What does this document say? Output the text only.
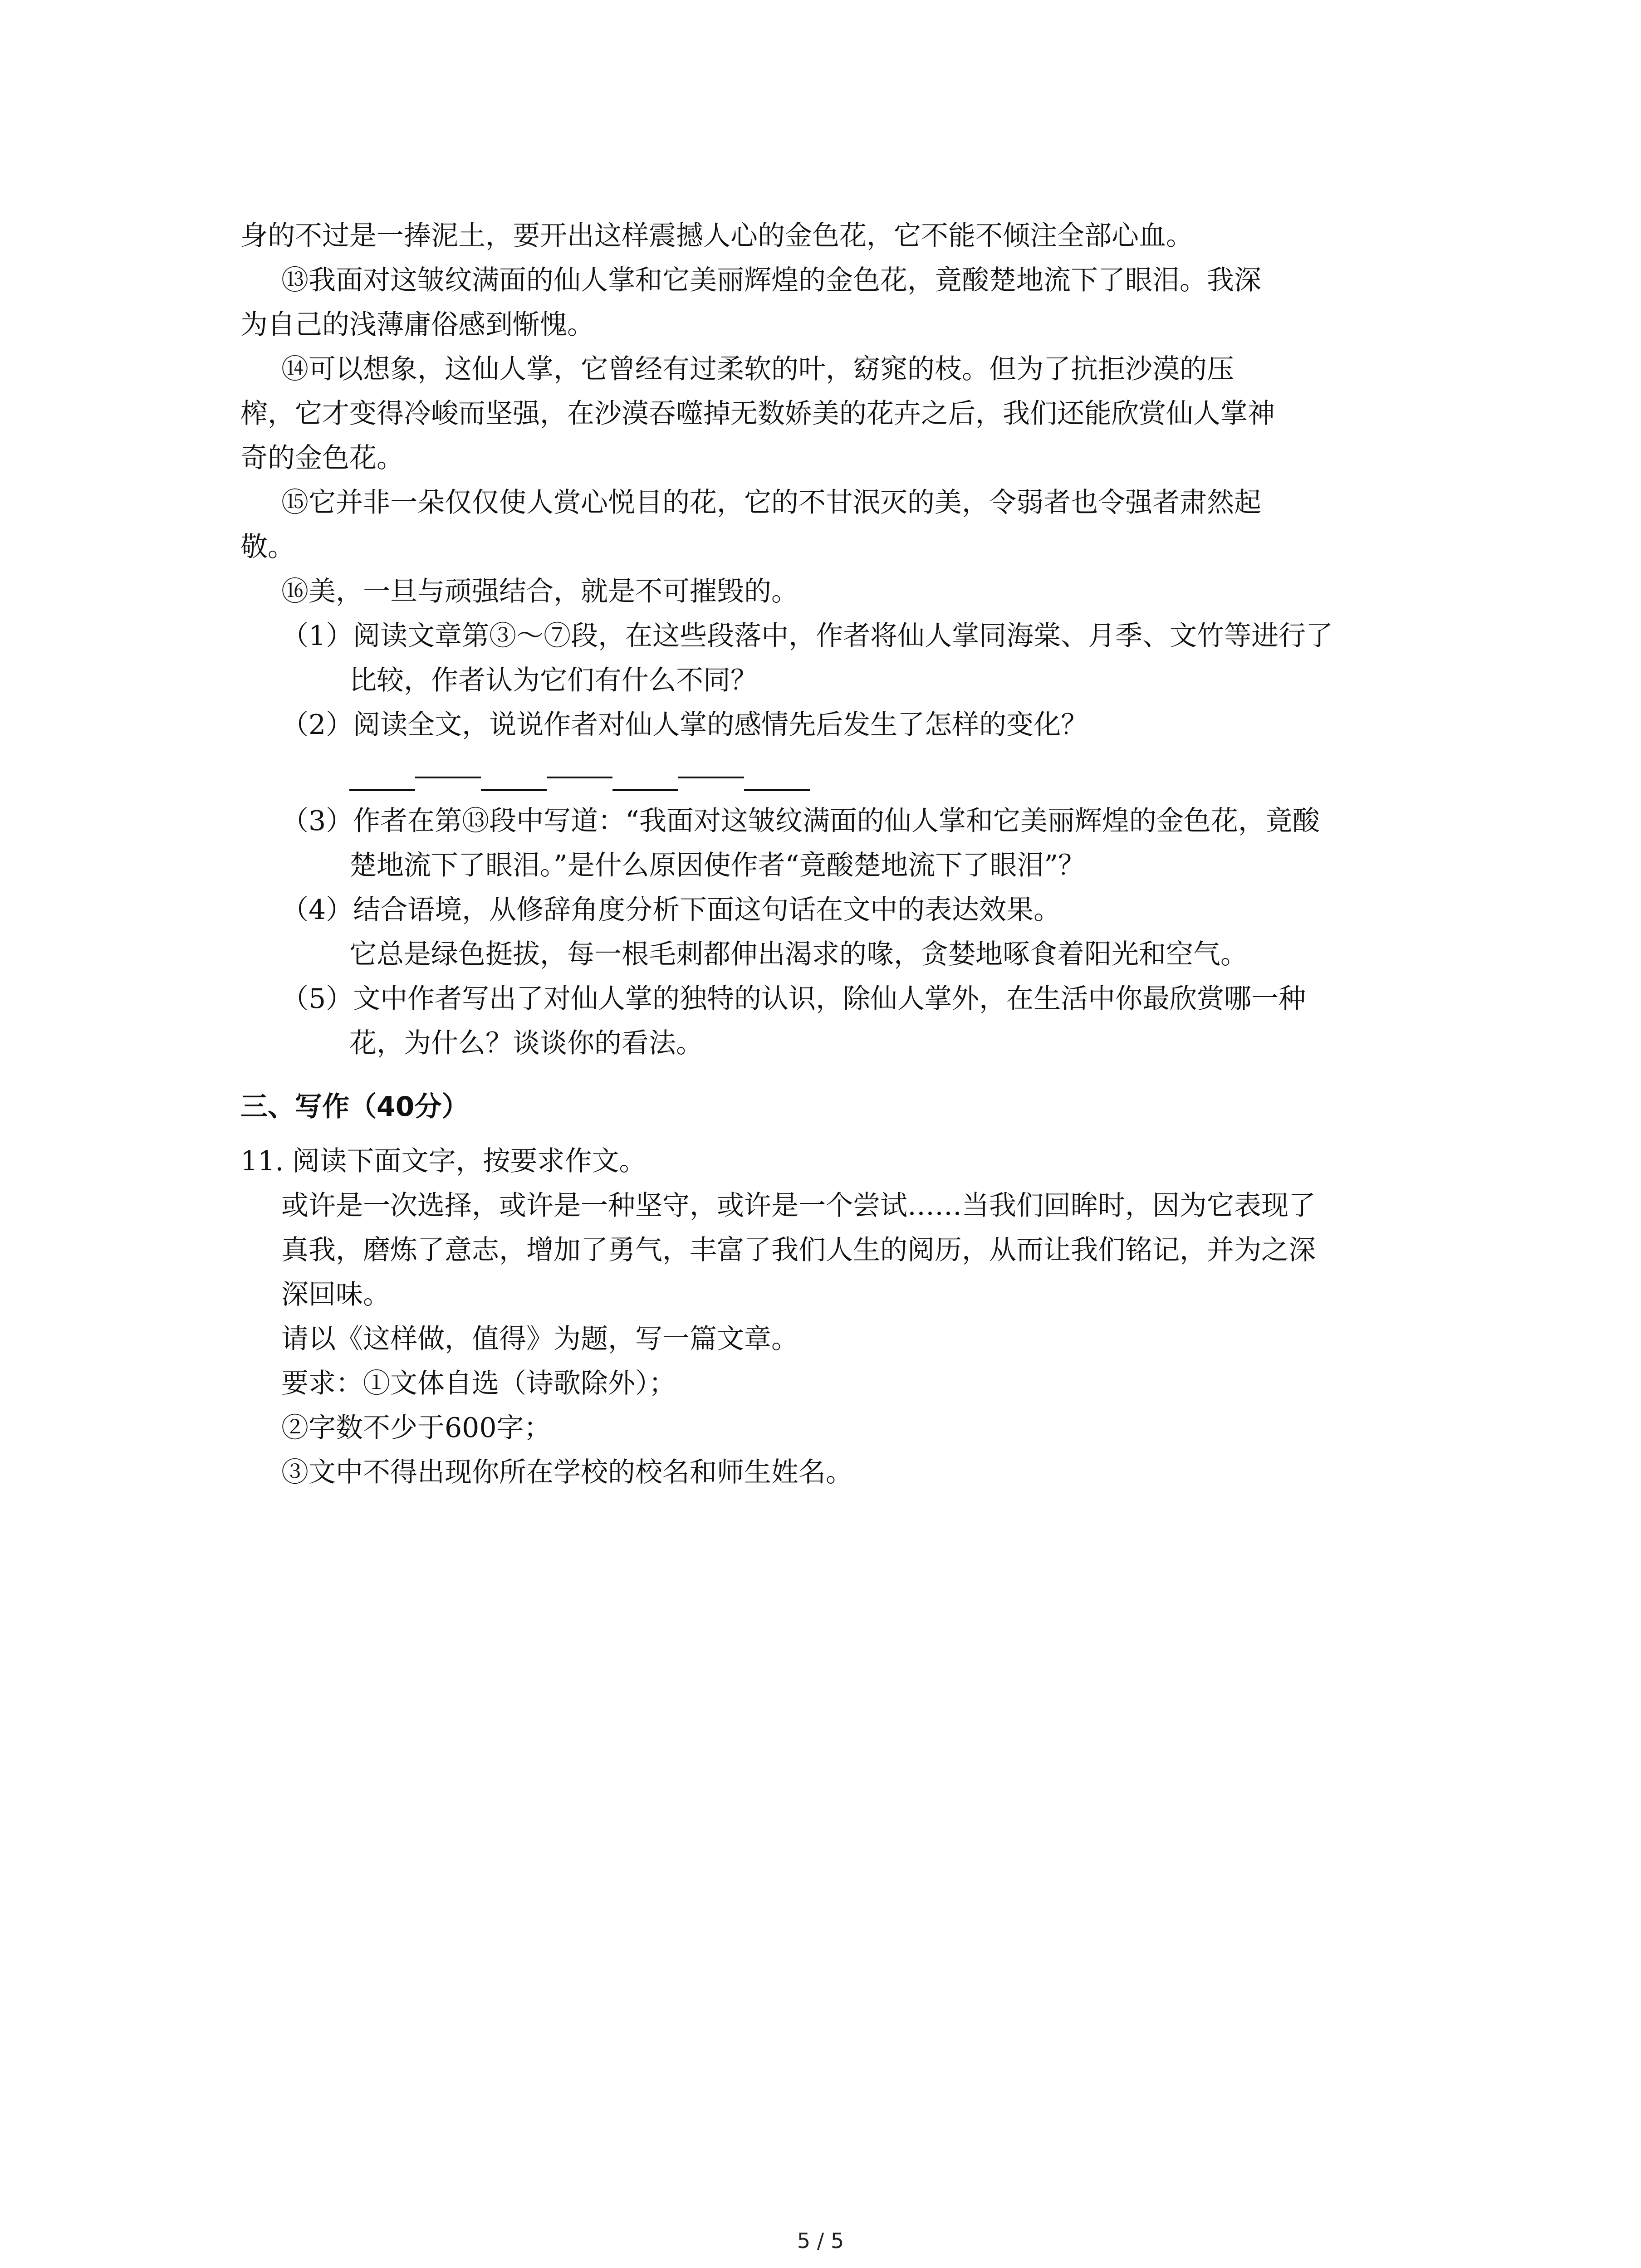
身的不过是一捧泥土，要开出这样震撼人心的金色花，它不能不倾注全部心血。
⑬我面对这皱纹满面的仙人掌和它美丽辉煌的金色花，竟酸楚地流下了眼泪。我深
为自己的浅薄庸俗感到惭愧。
⑭可以想象，这仙人掌，它曾经有过柔软的叶，窈窕的枝。但为了抗拒沙漠的压
榨，它才变得冷峻而坚强，在沙漠吞噬掉无数娇美的花卉之后，我们还能欣赏仙人掌神
奇的金色花。
⑮它并非一朵仅仅使人赏心悦目的花，它的不甘泯灭的美，令弱者也令强者肃然起
敬。
⑯美，一旦与顽强结合，就是不可摧毁的。
（1）阅读文章第③～⑦段，在这些段落中，作者将仙人掌同海棠、月季、文竹等进行了
比较，作者认为它们有什么不同？
（2）阅读全文，说说作者对仙人掌的感情先后发生了怎样的变化？
（3）作者在第⑬段中写道：“我面对这皱纹满面的仙人掌和它美丽辉煌的金色花，竟酸
楚地流下了眼泪。”是什么原因使作者“竟酸楚地流下了眼泪”？
（4）结合语境，从修辞角度分析下面这句话在文中的表达效果。
它总是绿色挺拔，每一根毛刺都伸出渴求的喙，贪婪地啄食着阳光和空气。
（5）文中作者写出了对仙人掌的独特的认识，除仙人掌外，在生活中你最欣赏哪一种
花，为什么？谈谈你的看法。
三、写作（40分）
11. 阅读下面文字，按要求作文。
或许是一次选择，或许是一种坚守，或许是一个尝试……当我们回眸时，因为它表现了
真我，磨炼了意志，增加了勇气，丰富了我们人生的阅历，从而让我们铭记，并为之深
深回味。
请以《这样做，值得》为题，写一篇文章。
要求：①文体自选（诗歌除外）；
②字数不少于600字；
③文中不得出现你所在学校的校名和师生姓名。
5 / 5
